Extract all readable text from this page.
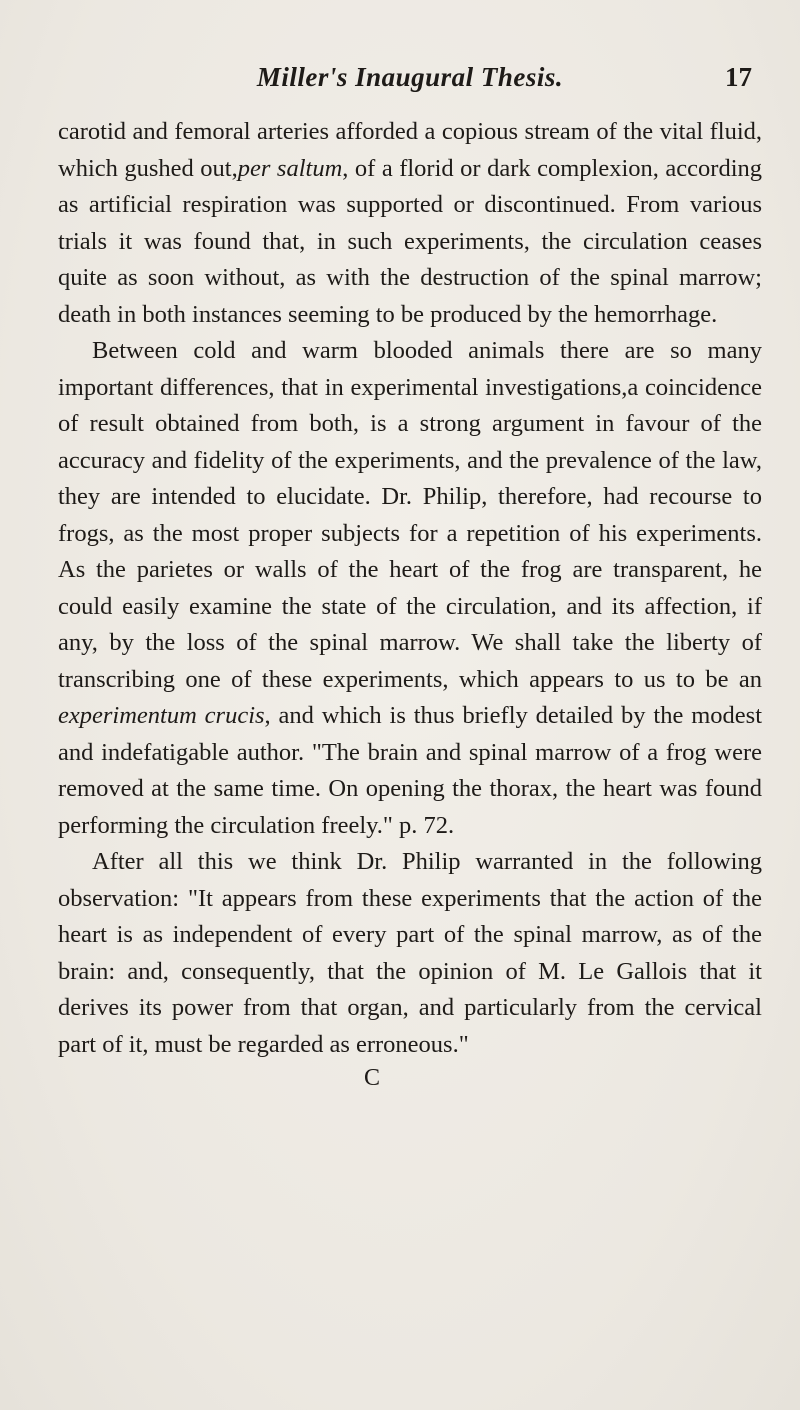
Miller's Inaugural Thesis.	17

carotid and femoral arteries afforded a copious stream of the vital fluid, which gushed out,per saltum, of a florid or dark complexion, according as artificial respiration was supported or discontinued. From various trials it was found that, in such experiments, the circulation ceases quite as soon without, as with the destruction of the spinal marrow; death in both instances seeming to be produced by the hemorrhage.

Between cold and warm blooded animals there are so many important differences, that in experimental investigations,a coincidence of result obtained from both, is a strong argument in favour of the accuracy and fidelity of the experiments, and the prevalence of the law, they are intended to elucidate. Dr. Philip, therefore, had recourse to frogs, as the most proper subjects for a repetition of his experiments. As the parietes or walls of the heart of the frog are transparent, he could easily examine the state of the circulation, and its affection, if any, by the loss of the spinal marrow. We shall take the liberty of transcribing one of these experiments, which appears to us to be an experimentum crucis, and which is thus briefly detailed by the modest and indefatigable author. "The brain and spinal marrow of a frog were removed at the same time. On opening the thorax, the heart was found performing the circulation freely." p. 72.

After all this we think Dr. Philip warranted in the following observation: "It appears from these experiments that the action of the heart is as independent of every part of the spinal marrow, as of the brain: and, consequently, that the opinion of M. Le Gallois that it derives its power from that organ, and particularly from the cervical part of it, must be regarded as erroneous."

C
